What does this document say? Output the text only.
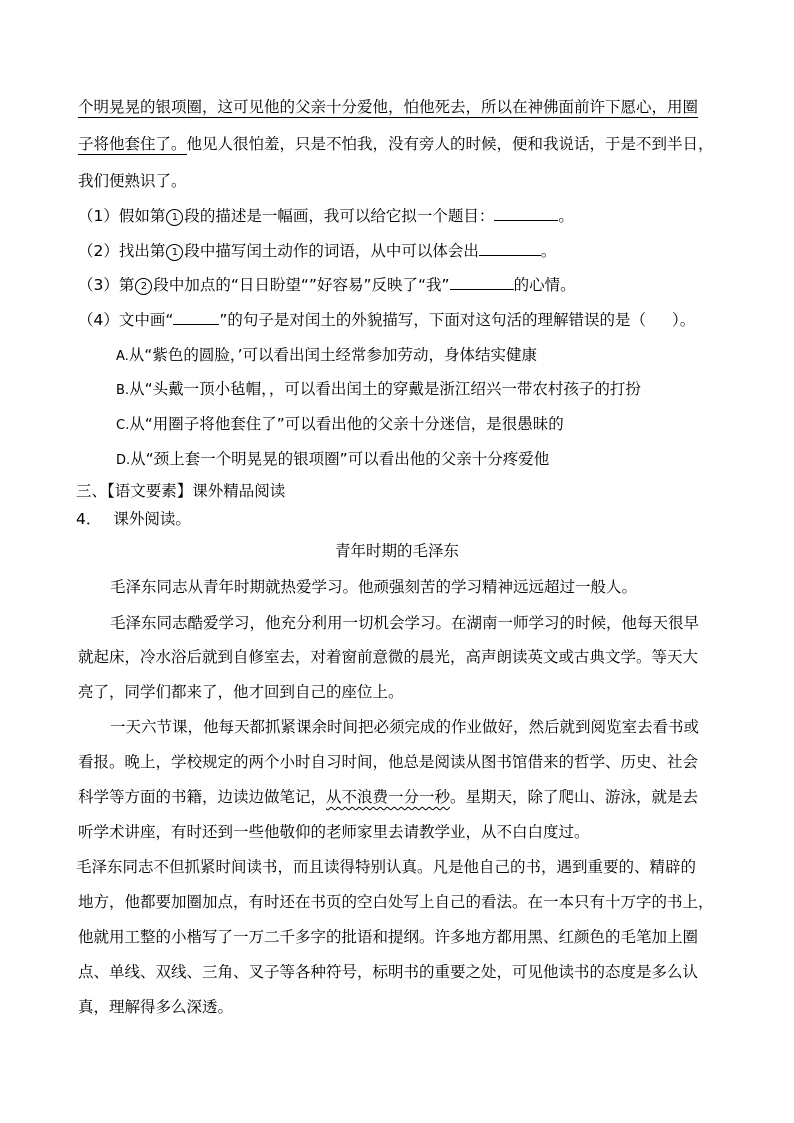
个明晃晃的银项圈，这可见他的父亲十分爱他，怕他死去，所以在神佛面前许下愿心，用圈
子将他套住了。他见人很怕羞，只是不怕我，没有旁人的时候，便和我说话，于是不到半日，
我们便熟识了。
（1）假如第 1 段的描述是一幅画，我可以给它拟一个题目：	。
（2）找出第 1 段中描写闰土动作的词语，从中可以体会出	。
（3）第 2 段中加点的“日日盼望“”好容易”反映了“我”	的心情。
（4）文中画“	”的句子是对闰土的外貌描写，下面对这句活的理解错误的是（ ）。
A.从“紫色的圆脸，’可以看出闰土经常参加劳动，身体结实健康
B.从“头戴一顶小毡帽，，可以看出闰土的穿戴是浙江绍兴一带农村孩子的打扮
C.从“用圈子将他套住了”可以看出他的父亲十分迷信，是很愚昧的
D.从“颈上套一个明晃晃的银项圈”可以看出他的父亲十分疼爱他
三、【语文要素】课外精品阅读
4． 课外阅读。
青年时期的毛泽东
毛泽东同志从青年时期就热爱学习。他顽强刻苦的学习精神远远超过一般人。
毛泽东同志酷爱学习，他充分利用一切机会学习。在湖南一师学习的时候，他每天很早
就起床，冷水浴后就到自修室去，对着窗前意微的晨光，高声朗读英文或古典文学。等天大
亮了，同学们都来了，他才回到自己的座位上。
一天六节课，他每天都抓紧课余时间把必须完成的作业做好，然后就到阅览室去看书或
看报。晚上，学校规定的两个小时自习时间，他总是阅读从图书馆借来的哲学、历史、社会
科学等方面的书籍，边读边做笔记，从不浪费一分一秒。星期天，除了爬山、游泳，就是去
听学术讲座，有时还到一些他敬仰的老师家里去请教学业，从不白白度过。
毛泽东同志不但抓紧时间读书，而且读得特别认真。凡是他自己的书，遇到重要的、精辟的
地方，他都要加圈加点，有时还在书页的空白处写上自己的看法。在一本只有十万字的书上，
他就用工整的小楷写了一万二千多字的批语和提纲。许多地方都用黑、红颜色的毛笔加上圈
点、单线、双线、三角、叉子等各种符号，标明书的重要之处，可见他读书的态度是多么认
真，理解得多么深透。
